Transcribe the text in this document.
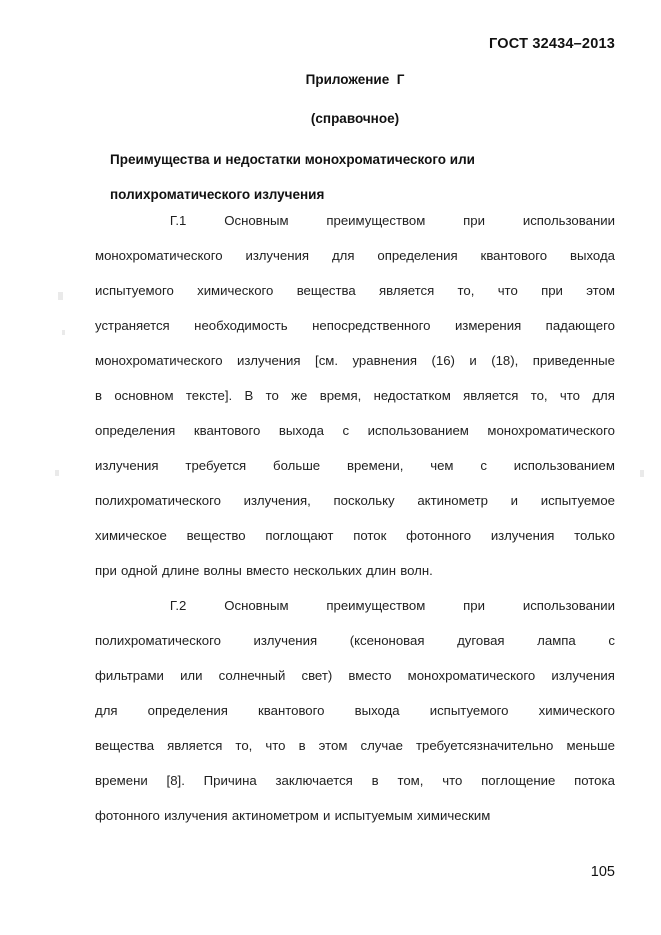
ГОСТ 32434–2013
Приложение  Г
(справочное)
Преимущества и недостатки монохроматического или
полихроматического излучения
Г.1	Основным	преимуществом	при	использовании
монохроматического излучения для определения квантового выхода
испытуемого химического вещества является то, что при этом
устраняется необходимость непосредственного измерения падающего
монохроматического излучения [см. уравнения (16) и (18), приведенные
в основном тексте]. В то же время, недостатком является то, что для
определения квантового выхода с использованием монохроматического
излучения требуется больше времени, чем с использованием
полихроматического излучения, поскольку актинометр и испытуемое
химическое вещество поглощают поток фотонного излучения только
при одной длине волны вместо нескольких длин волн.
Г.2	Основным	преимуществом	при	использовании
полихроматического излучения (ксеноновая дуговая лампа с
фильтрами или солнечный свет) вместо монохроматического излучения
для определения квантового выхода испытуемого химического
вещества является то, что в этом случае требуетсязначительно меньше
времени [8]. Причина заключается в том, что поглощение потока
фотонного излучения актинометром и испытуемым химическим
105
